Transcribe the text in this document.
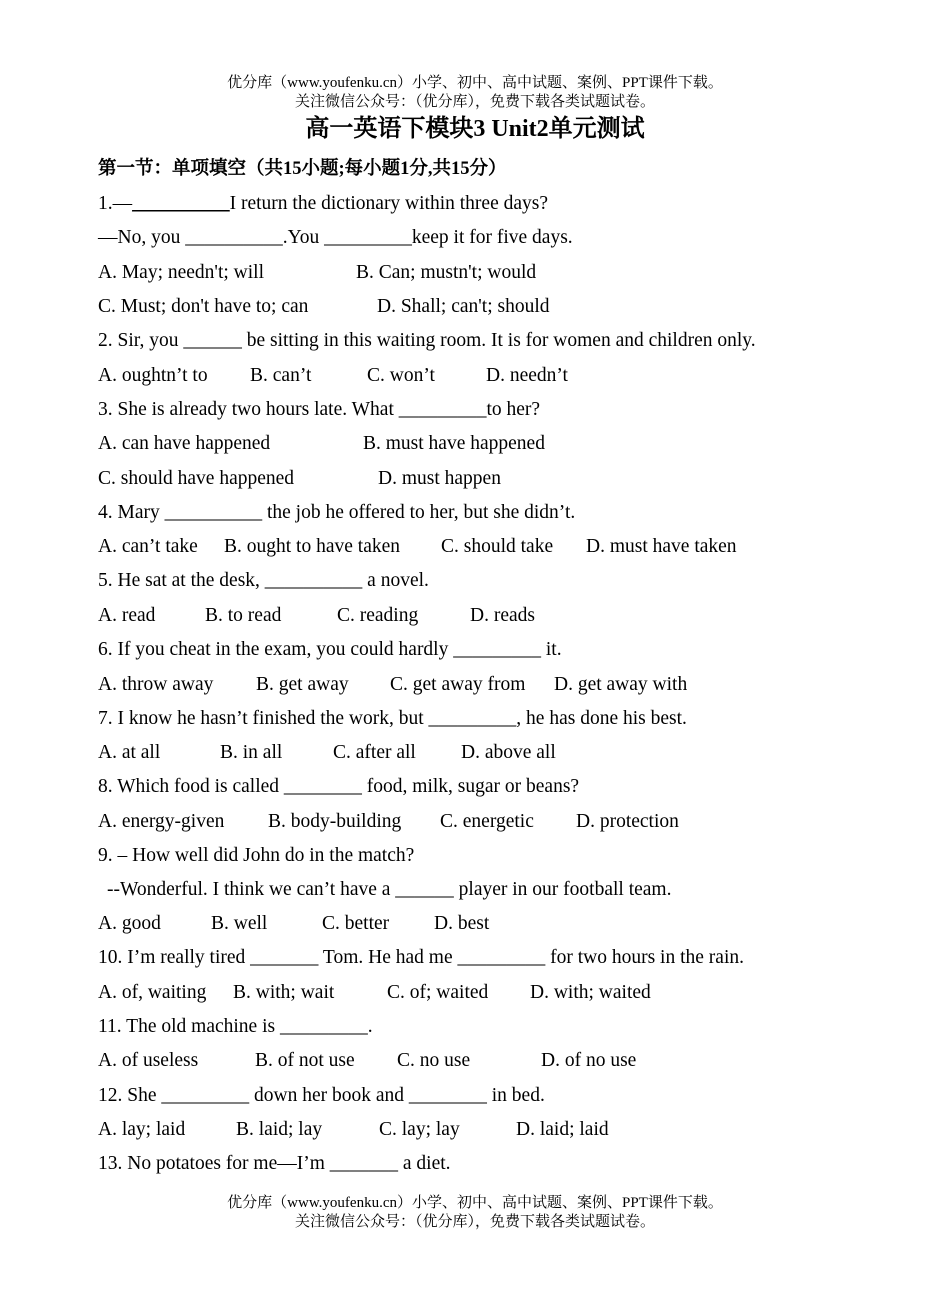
优分库（www.youfenku.cn）小学、初中、高中试题、案例、PPT课件下载。
关注微信公众号：（优分库），免费下载各类试题试卷。
高一英语下模块3 Unit2单元测试
第一节：单项填空（共15小题;每小题1分,共15分）
1.—__________I return the dictionary within three days?
—No, you __________.You _________keep it for five days.
A. May; needn't; will	B. Can; mustn't; would
C. Must; don't have to; can	D. Shall; can't; should
2. Sir, you ______ be sitting in this waiting room. It is for women and children only.
A. oughtn’t to B. can’t	C. won’t	D. needn’t
3. She is already two hours late. What _________to her?
A. can have happened	B. must have happened
C. should have happened	D. must happen
4. Mary __________ the job he offered to her, but she didn’t.
A. can’t take B. ought to have taken C. should take D. must have taken
5. He sat at the desk, __________ a novel.
A. read	B. to read	C. reading	D. reads
6. If you cheat in the exam, you could hardly _________ it.
A. throw away B. get away C. get away from D. get away with
7. I know he hasn’t finished the work, but _________, he has done his best.
A. at all	B. in all	C. after all D. above all
8. Which food is called ________ food, milk, sugar or beans?
A. energy-given B. body-building C. energetic D. protection
9. – How well did John do in the match?
--Wonderful. I think we can’t have a ______ player in our football team.
A. good	B. well	C. better D. best
10. I’m really tired _______ Tom. He had me _________ for two hours in the rain.
A. of, waiting B. with; wait	C. of; waited D. with; waited
11. The old machine is _________.
A. of useless	B. of not use C. no use	D. of no use
12. She _________ down her book and ________ in bed.
A. lay; laid	B. laid; lay	C. lay; lay	D. laid; laid
13. No potatoes for me—I’m _______ a diet.
优分库（www.youfenku.cn）小学、初中、高中试题、案例、PPT课件下载。
关注微信公众号：（优分库），免费下载各类试题试卷。
